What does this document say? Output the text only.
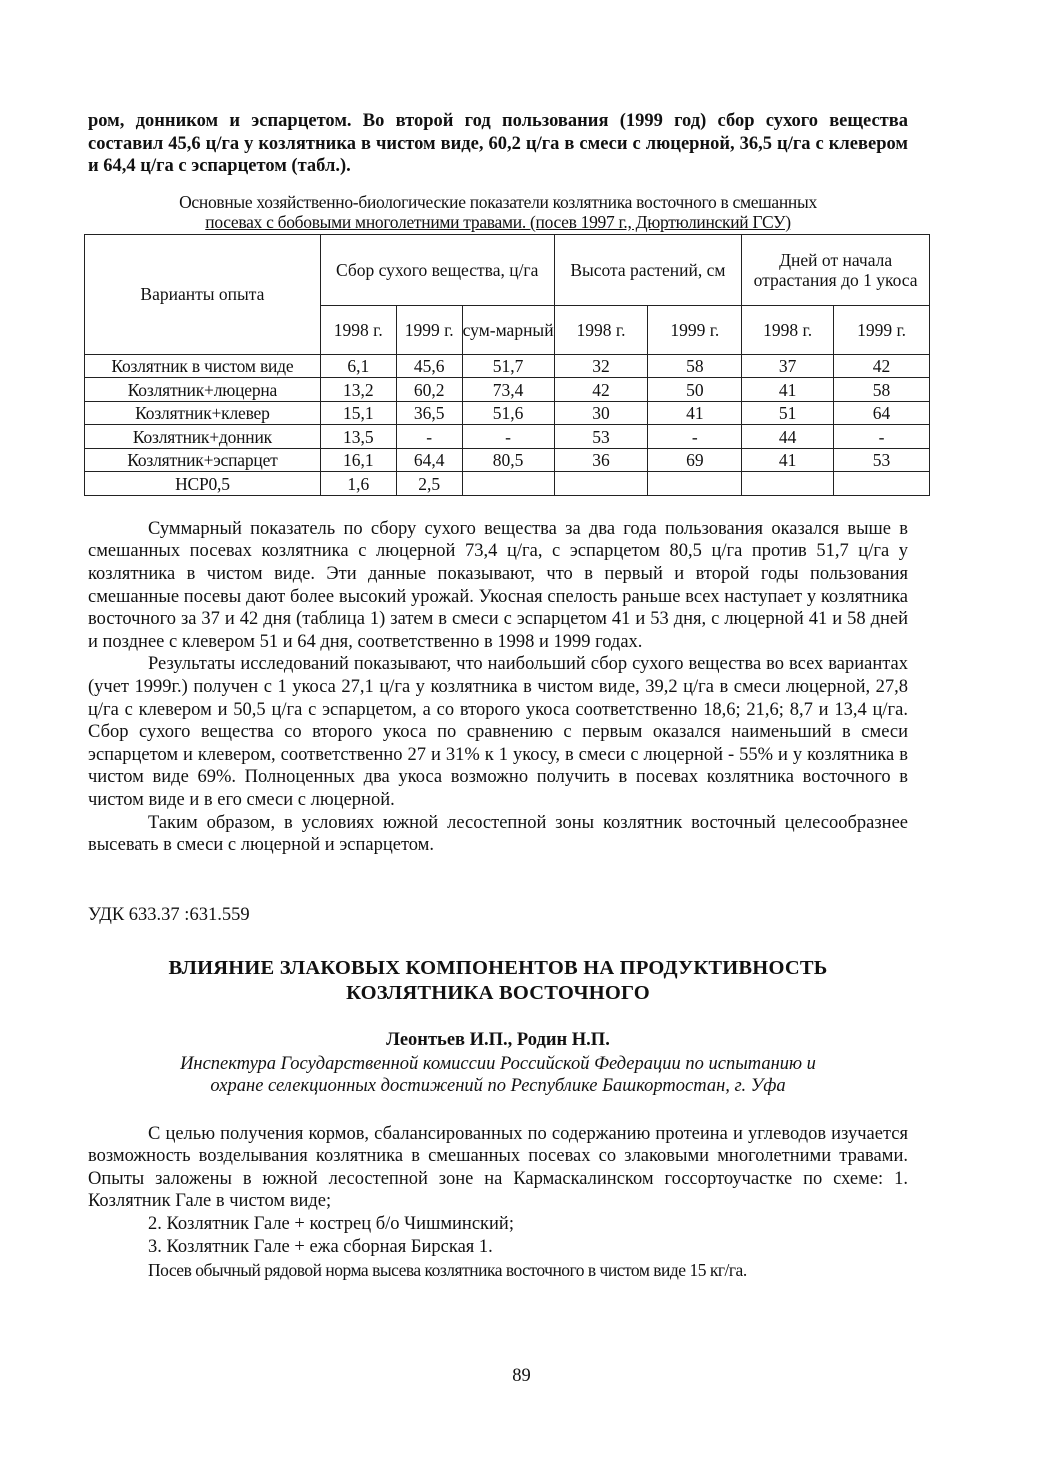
ром, донником и эспарцетом. Во второй год пользования (1999 год) сбор сухого вещества составил 45,6 ц/га у козлятника в чистом виде, 60,2 ц/га в смеси с люцерной, 36,5 ц/га с клевером и 64,4 ц/га с эспарцетом (табл.).

Основные хозяйственно-биологические показатели козлятника восточного в смешанных
посевах с бобовыми многолетними травами. (посев 1997 г., Дюртюлинский ГСУ)
Варианты опыта	Сбор сухого вещества, ц/га			Высота растений, см		Дней от начала отрастания до 1 укоса	
	1998 г.	1999 г.	сум-марный	1998 г.	1999 г.	1998 г.	1999 г.
Козлятник в чистом виде	6,1	45,6	51,7	32	58	37	42
Козлятник+люцерна	13,2	60,2	73,4	42	50	41	58
Козлятник+клевер	15,1	36,5	51,6	30	41	51	64
Козлятник+донник	13,5	-	-	53	-	44	-
Козлятник+эспарцет	16,1	64,4	80,5	36	69	41	53
НСР0,5	1,6	2,5					

Суммарный показатель по сбору сухого вещества за два года пользования оказался выше в смешанных посевах козлятника с люцерной 73,4 ц/га, с эспарцетом 80,5 ц/га против 51,7 ц/га у козлятника в чистом виде. Эти данные показывают, что в первый и второй годы пользования смешанные посевы дают более высокий урожай. Укосная спелость раньше всех наступает у козлятника восточного за 37 и 42 дня (таблица 1) затем в смеси с эспарцетом 41 и 53 дня, с люцерной 41 и 58 дней и позднее с клевером 51 и 64 дня, соответственно в 1998 и 1999 годах.

Результаты исследований показывают, что наибольший сбор сухого вещества во всех вариантах (учет 1999г.) получен с 1 укоса 27,1 ц/га у козлятника в чистом виде, 39,2 ц/га в смеси люцерной, 27,8 ц/га с клевером и 50,5 ц/га с эспарцетом, а со второго укоса соответственно 18,6; 21,6; 8,7 и 13,4 ц/га. Сбор сухого вещества со второго укоса по сравнению с первым оказался наименьший в смеси эспарцетом и клевером, соответственно 27 и 31% к 1 укосу, в смеси с люцерной - 55% и у козлятника в чистом виде 69%. Полноценных два укоса возможно получить в посевах козлятника восточного в чистом виде и в его смеси с люцерной.

Таким образом, в условиях южной лесостепной зоны козлятник восточный целесообразнее высевать в смеси с люцерной и эспарцетом.

УДК 633.37 :631.559

ВЛИЯНИЕ ЗЛАКОВЫХ КОМПОНЕНТОВ НА ПРОДУКТИВНОСТЬ
КОЗЛЯТНИКА ВОСТОЧНОГО
Леонтьев И.П., Родин Н.П.
Инспектура Государственной комиссии Российской Федерации по испытанию и
охране селекционных достижений по Республике Башкортостан, г. Уфа

С целью получения кормов, сбалансированных по содержанию протеина и углеводов изучается возможность возделывания козлятника в смешанных посевах со злаковыми многолетними травами. Опыты заложены в южной лесостепной зоне на Кармаскалинском госсортоучастке по схеме: 1. Козлятник Гале в чистом виде;

2. Козлятник Гале + кострец б/о Чишминский;

3. Козлятник Гале + ежа сборная Бирская 1.

Посев обычный рядовой норма высева козлятника восточного в чистом виде 15 кг/га.

89
